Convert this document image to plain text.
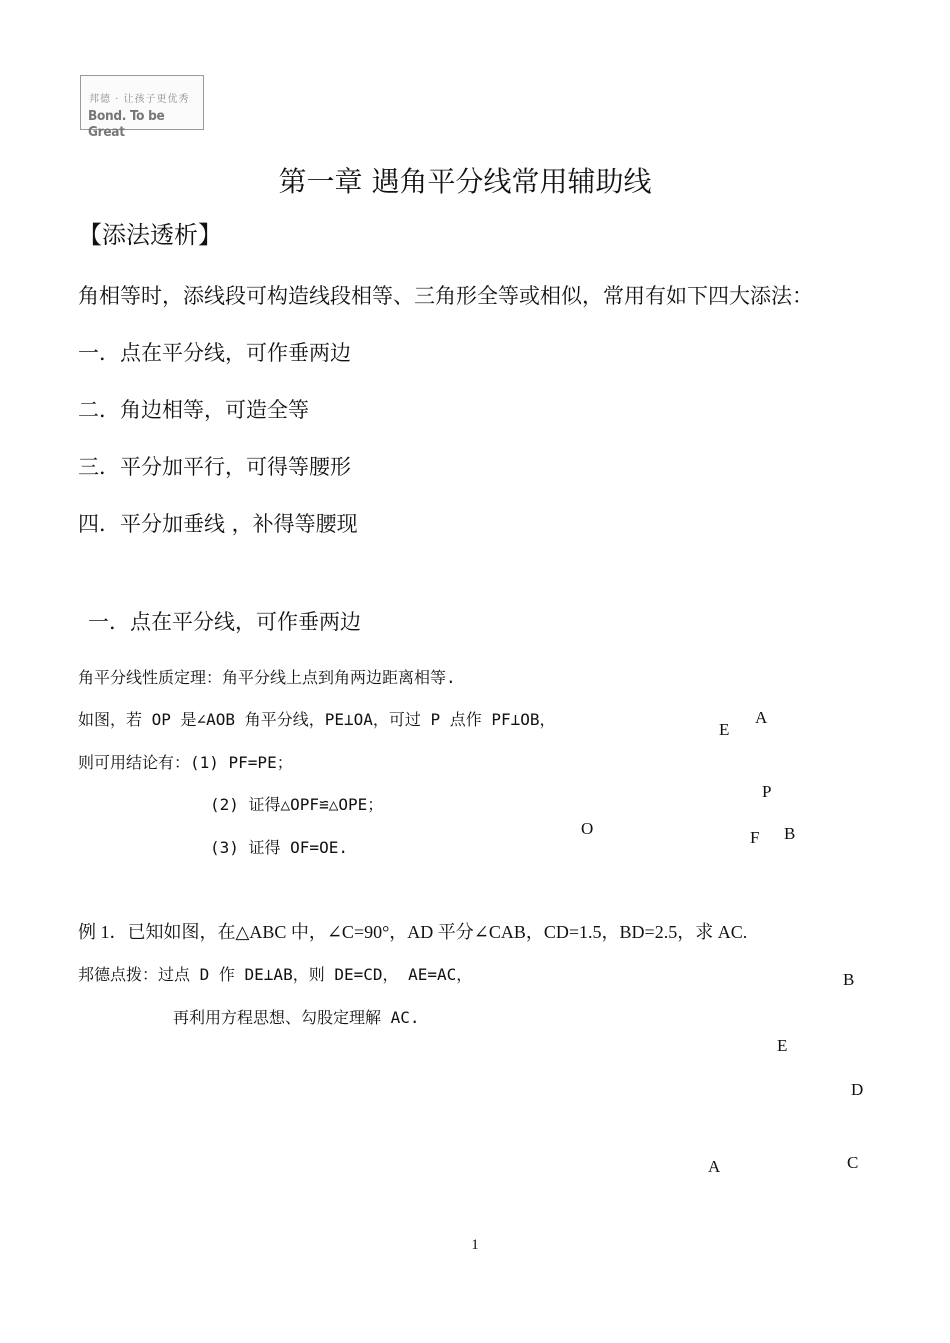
邦德 · 让孩子更优秀
Bond. To be Great
第一章 遇角平分线常用辅助线
【添法透析】
角相等时，添线段可构造线段相等、三角形全等或相似，常用有如下四大添法：
一．点在平分线，可作垂两边
二．角边相等，可造全等
三．平分加平行，可得等腰形
四．平分加垂线 ，补得等腰现
一．点在平分线，可作垂两边
角平分线性质定理：角平分线上点到角两边距离相等.
如图，若 OP 是∠AOB 角平分线，PE⊥OA，可过 P 点作 PF⊥OB，
则可用结论有：(1) PF=PE；
(2) 证得△OPF≌△OPE；
(3) 证得 OF=OE.
E
A
P
O	F B
例 1．已知如图，在△ABC 中，∠C=90°，AD 平分∠CAB，CD=1.5，BD=2.5，求 AC.
邦德点拨：过点 D 作 DE⊥AB，则 DE=CD， AE=AC，
再利用方程思想、勾股定理解 AC.
B
E
D
A	C
1
